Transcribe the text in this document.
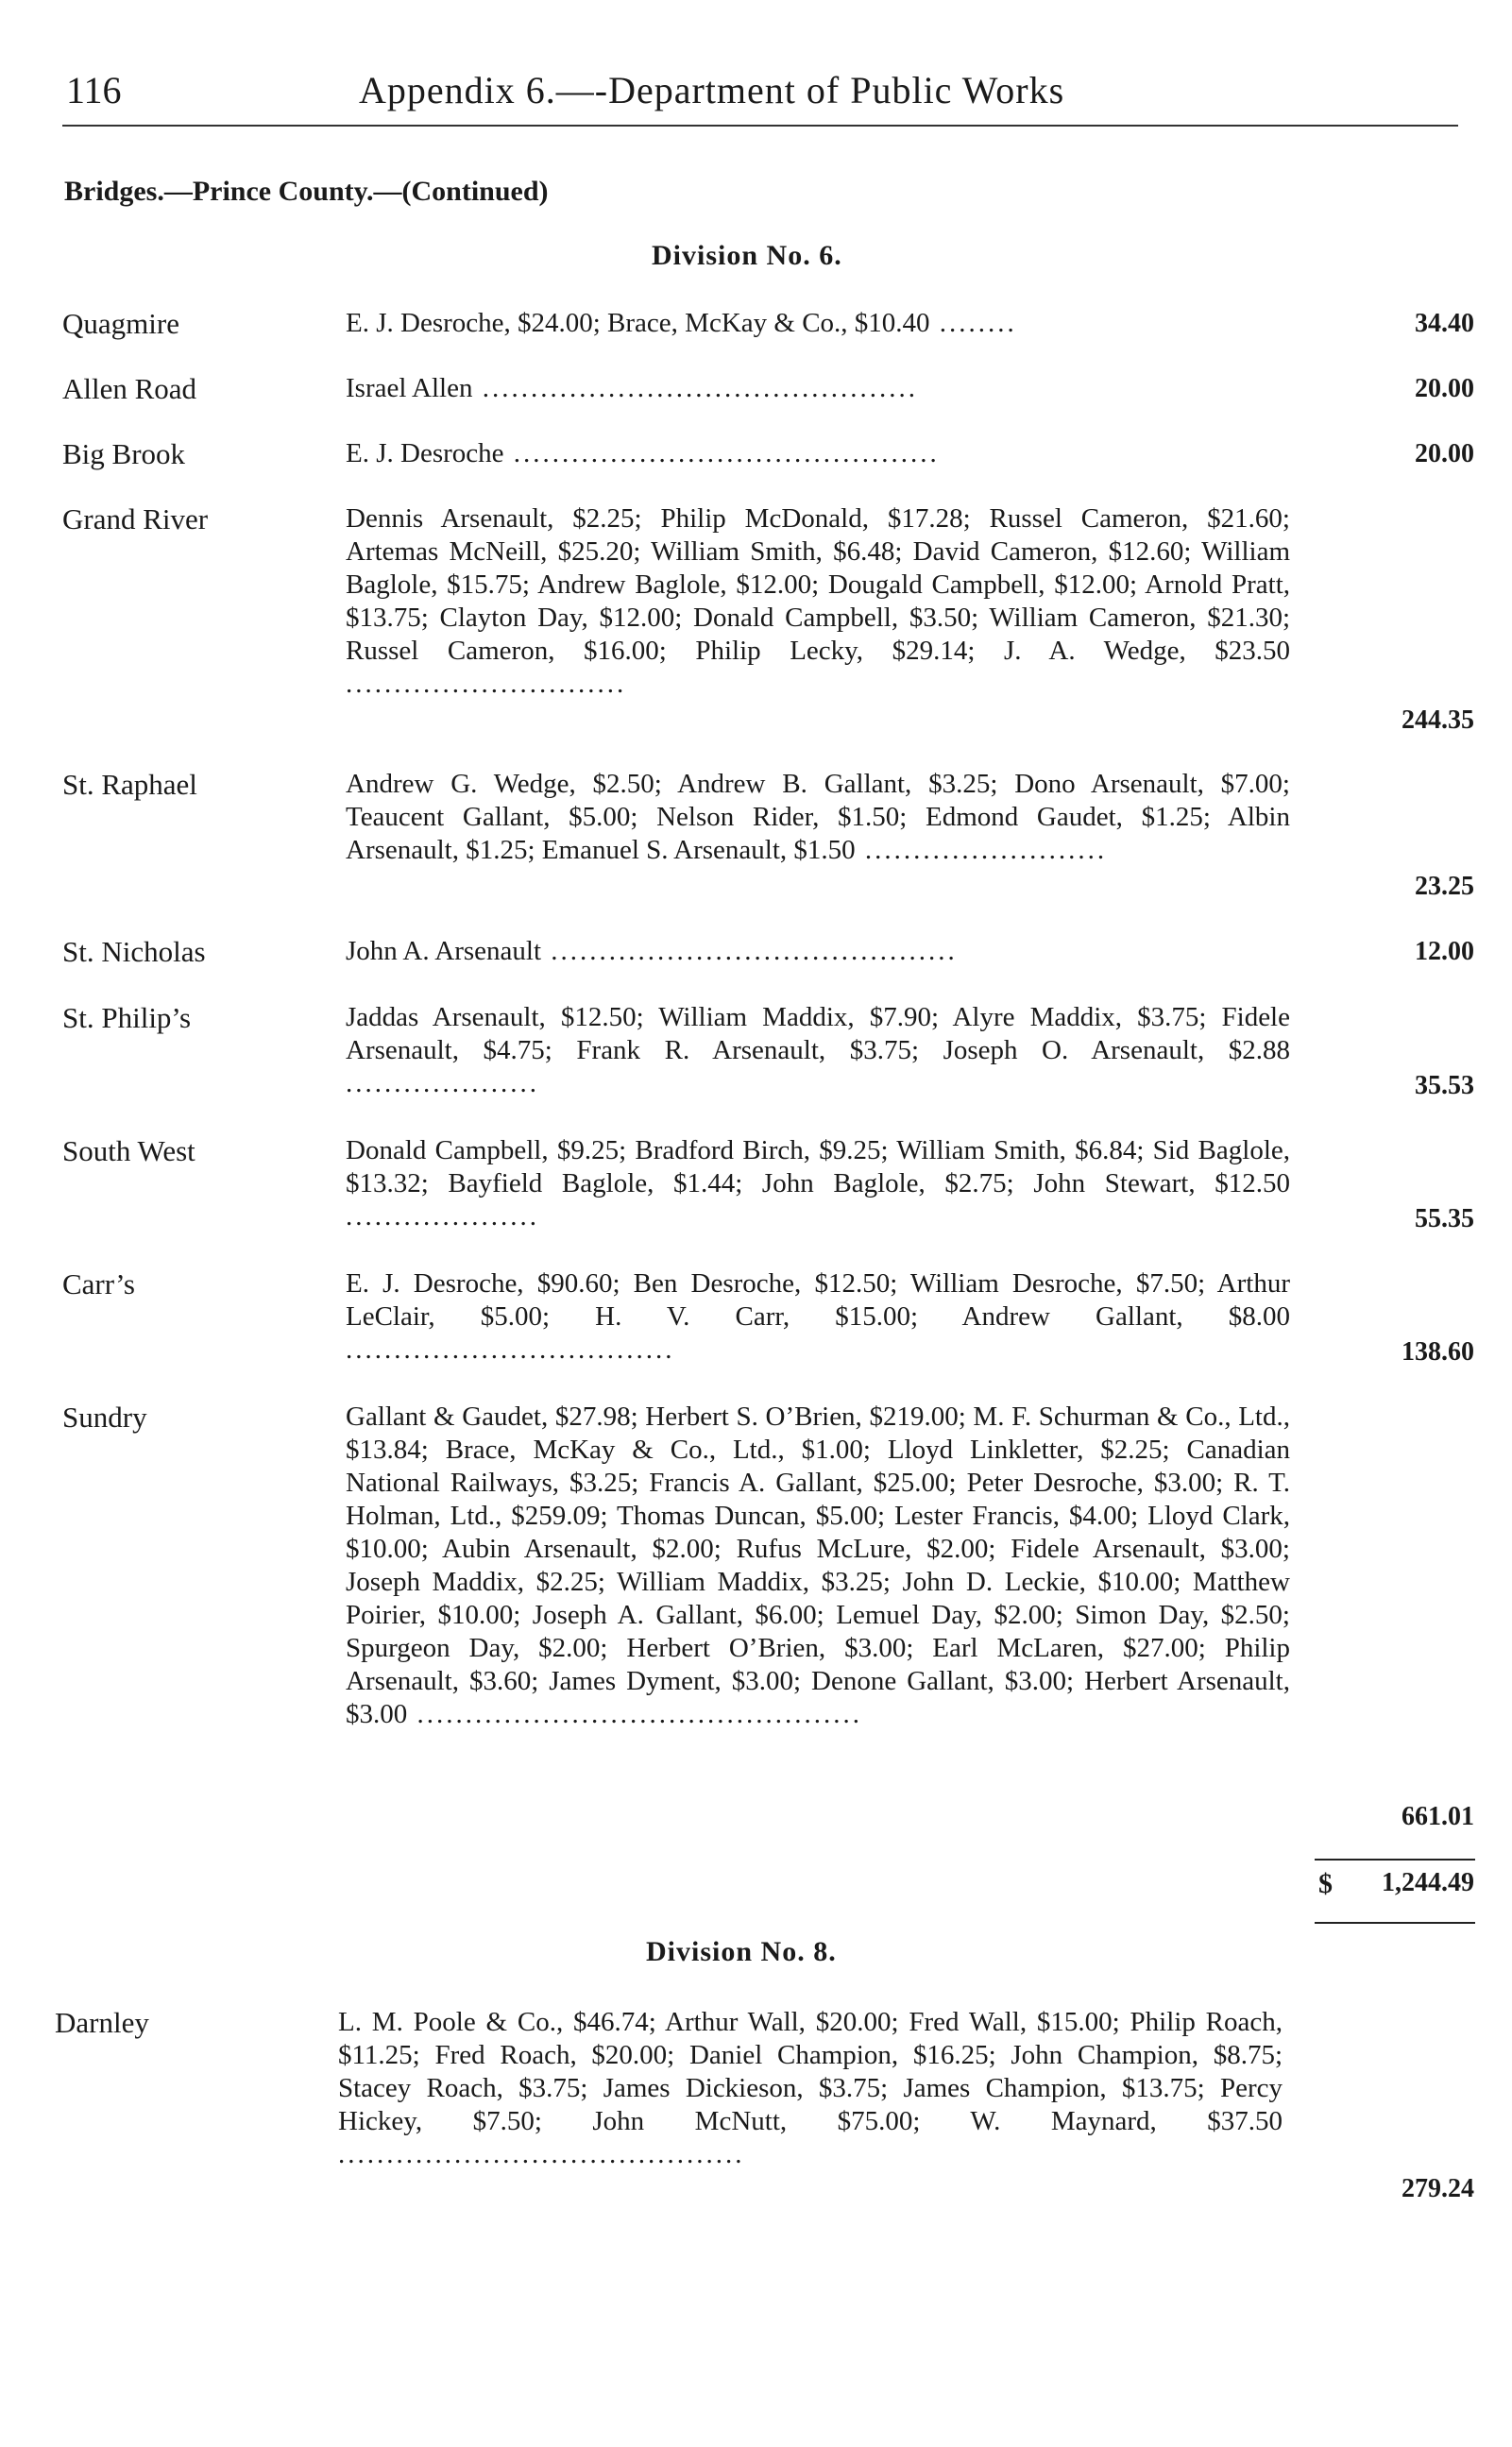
116	Appendix 6.—-Department of Public Works
Bridges.—Prince County.—(Continued)
Division No. 6.
Quagmire	E. J. Desroche, $24.00; Brace, McKay & Co., $10.40 ........	34.40
Allen Road	Israel Allen .............................................	20.00
Big Brook	E. J. Desroche ............................................	20.00
Grand River	Dennis Arsenault, $2.25; Philip McDonald, $17.28; Russel Cameron, $21.60; Artemas McNeill, $25.20; William Smith, $6.48; David Cameron, $12.60; William Baglole, $15.75; Andrew Baglole, $12.00; Dougald Campbell, $12.00; Arnold Pratt, $13.75; Clayton Day, $12.00; Donald Campbell, $3.50; William Cameron, $21.30; Russel Cameron, $16.00; Philip Lecky, $29.14; J. A. Wedge, $23.50 .............................
244.35
St. Raphael	Andrew G. Wedge, $2.50; Andrew B. Gallant, $3.25; Dono Arsenault, $7.00; Teaucent Gallant, $5.00; Nelson Rider, $1.50; Edmond Gaudet, $1.25; Albin Arsenault, $1.25; Emanuel S. Arsenault, $1.50 .........................
23.25
St. Nicholas	John A. Arsenault ..........................................	12.00
St. Philip’s	Jaddas Arsenault, $12.50; William Maddix, $7.90; Alyre Maddix, $3.75; Fidele Arsenault, $4.75; Frank R. Arsenault, $3.75; Joseph O. Arsenault, $2.88 ....................	35.53
South West	Donald Campbell, $9.25; Bradford Birch, $9.25; William Smith, $6.84; Sid Baglole, $13.32; Bayfield Baglole, $1.44; John Baglole, $2.75; John Stewart, $12.50 ....................	55.35
Carr’s	E. J. Desroche, $90.60; Ben Desroche, $12.50; William Desroche, $7.50; Arthur LeClair, $5.00; H. V. Carr, $15.00; Andrew Gallant, $8.00 ..................................	138.60
Sundry	Gallant & Gaudet, $27.98; Herbert S. O’Brien, $219.00; M. F. Schurman & Co., Ltd., $13.84; Brace, McKay & Co., Ltd., $1.00; Lloyd Linkletter, $2.25; Canadian National Railways, $3.25; Francis A. Gallant, $25.00; Peter Desroche, $3.00; R. T. Holman, Ltd., $259.09; Thomas Duncan, $5.00; Lester Francis, $4.00; Lloyd Clark, $10.00; Aubin Arsenault, $2.00; Rufus McLure, $2.00; Fidele Arsenault, $3.00; Joseph Maddix, $2.25; William Maddix, $3.25; John D. Leckie, $10.00; Matthew Poirier, $10.00; Joseph A. Gallant, $6.00; Lemuel Day, $2.00; Simon Day, $2.50; Spurgeon Day, $2.00; Herbert O’Brien, $3.00; Earl McLaren, $27.00; Philip Arsenault, $3.60; James Dyment, $3.00; Denone Gallant, $3.00; Herbert Arsenault, $3.00 ..............................................
661.01
$ 1,244.49
Division No. 8.
Darnley	L. M. Poole & Co., $46.74; Arthur Wall, $20.00; Fred Wall, $15.00; Philip Roach, $11.25; Fred Roach, $20.00; Daniel Champion, $16.25; John Champion, $8.75; Stacey Roach, $3.75; James Dickieson, $3.75; James Champion, $13.75; Percy Hickey, $7.50; John McNutt, $75.00; W. Maynard, $37.50 ..........................................
279.24
